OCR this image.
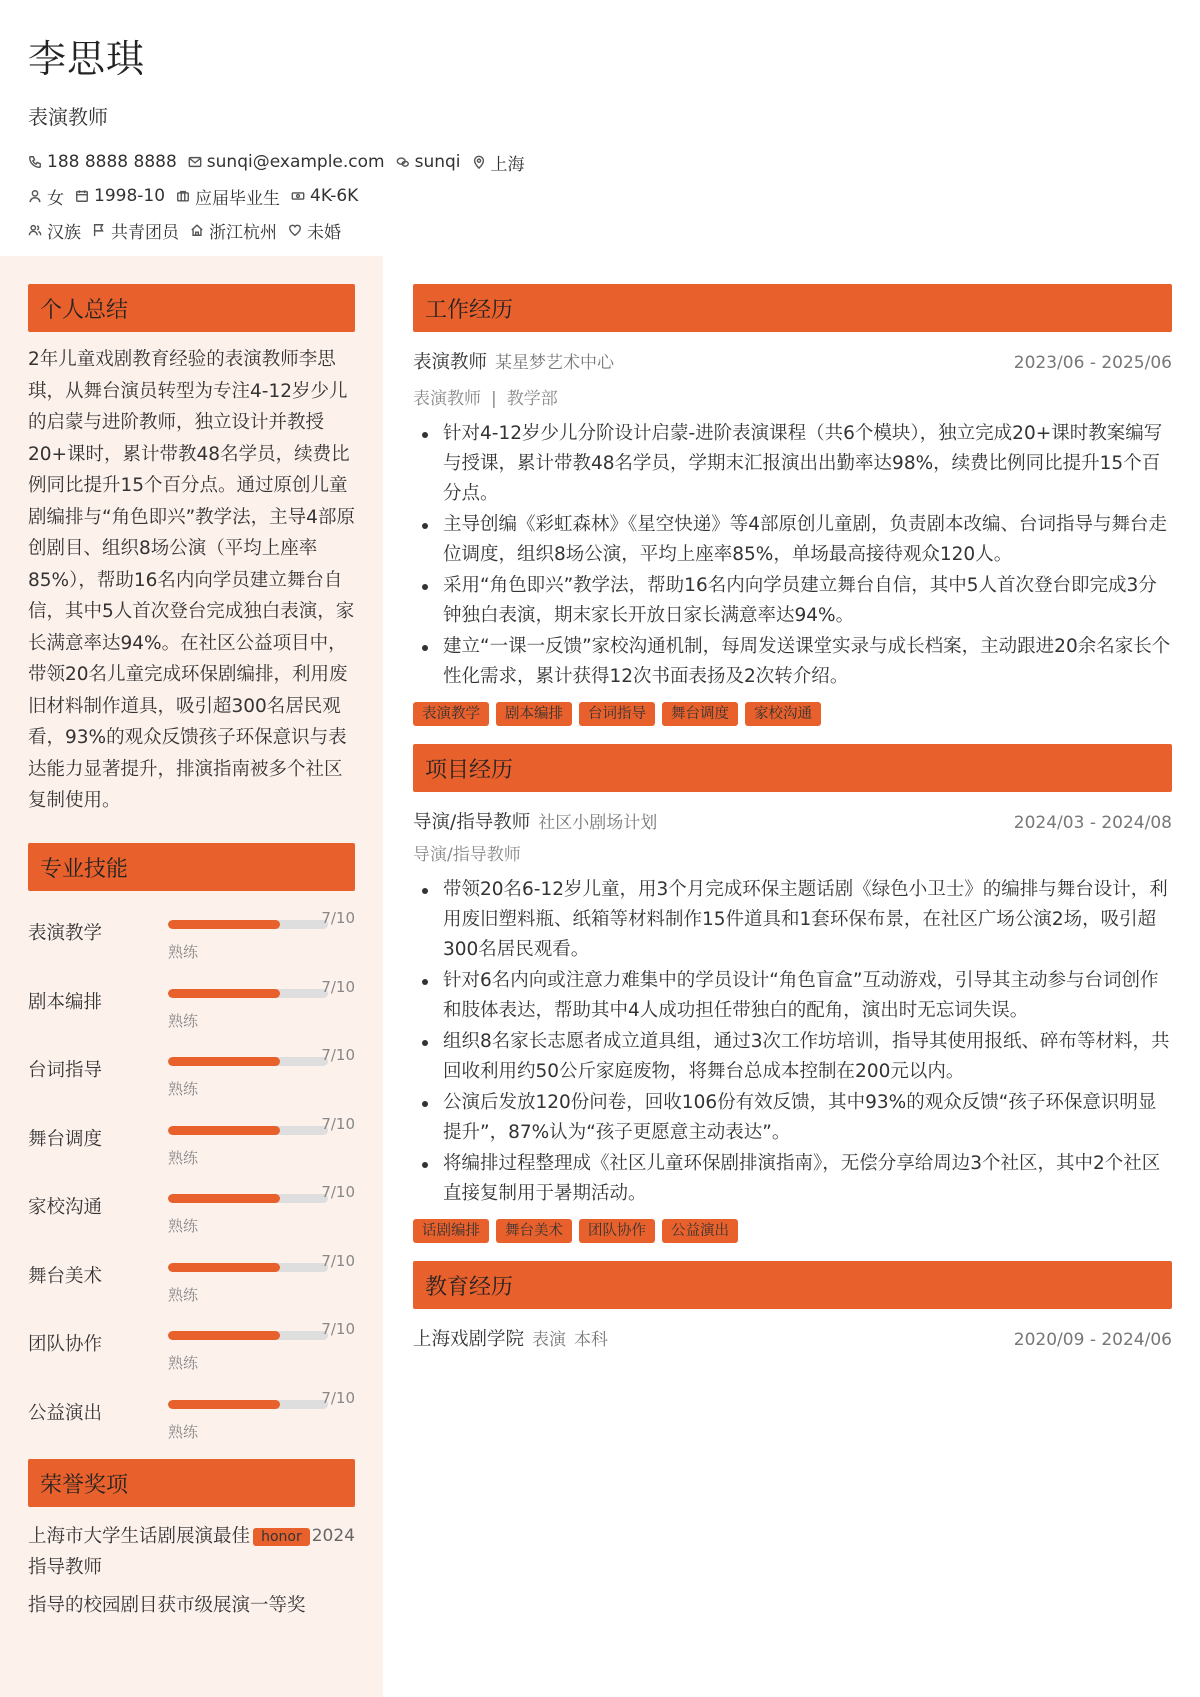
李思琪
表演教师
188 8888 8888 sunqi@example.com sunqi 上海
女 1998-10 应届毕业生 4K-6K
汉族 共青团员 浙江杭州 未婚
个人总结
2年儿童戏剧教育经验的表演教师李思琪，从舞台演员转型为专注4-12岁少儿的启蒙与进阶教师，独立设计并教授20+课时，累计带教48名学员，续费比例同比提升15个百分点。通过原创儿童剧编排与“角色即兴”教学法，主导4部原创剧目、组织8场公演（平均上座率85%），帮助16名内向学员建立舞台自信，其中5人首次登台完成独白表演，家长满意率达94%。在社区公益项目中，带领20名儿童完成环保剧编排，利用废旧材料制作道具，吸引超300名居民观看，93%的观众反馈孩子环保意识与表达能力显著提升，排演指南被多个社区复制使用。
专业技能
表演教学
7/10
熟练
剧本编排
7/10
熟练
台词指导
7/10
熟练
舞台调度
7/10
熟练
家校沟通
7/10
熟练
舞台美术
7/10
熟练
团队协作
7/10
熟练
公益演出
7/10
熟练
荣誉奖项
上海市大学生话剧展演最佳指导教师
honor 2024
指导的校园剧目获市级展演一等奖
工作经历
表演教师 某星梦艺术中心	2023/06 - 2025/06
表演教师 | 教学部
针对4-12岁少儿分阶设计启蒙-进阶表演课程（共6个模块），独立完成20+课时教案编写与授课，累计带教48名学员，学期末汇报演出出勤率达98%，续费比例同比提升15个百分点。
主导创编《彩虹森林》《星空快递》等4部原创儿童剧，负责剧本改编、台词指导与舞台走位调度，组织8场公演，平均上座率85%，单场最高接待观众120人。
采用“角色即兴”教学法，帮助16名内向学员建立舞台自信，其中5人首次登台即完成3分钟独白表演，期末家长开放日家长满意率达94%。
建立“一课一反馈”家校沟通机制，每周发送课堂实录与成长档案，主动跟进20余名家长个性化需求，累计获得12次书面表扬及2次转介绍。
表演教学	剧本编排	台词指导	舞台调度	家校沟通
项目经历
导演/指导教师 社区小剧场计划	2024/03 - 2024/08
导演/指导教师
带领20名6-12岁儿童，用3个月完成环保主题话剧《绿色小卫士》的编排与舞台设计，利用废旧塑料瓶、纸箱等材料制作15件道具和1套环保布景，在社区广场公演2场，吸引超300名居民观看。
针对6名内向或注意力难集中的学员设计“角色盲盒”互动游戏，引导其主动参与台词创作和肢体表达，帮助其中4人成功担任带独白的配角，演出时无忘词失误。
组织8名家长志愿者成立道具组，通过3次工作坊培训，指导其使用报纸、碎布等材料，共回收利用约50公斤家庭废物，将舞台总成本控制在200元以内。
公演后发放120份问卷，回收106份有效反馈，其中93%的观众反馈“孩子环保意识明显提升”，87%认为“孩子更愿意主动表达”。
将编排过程整理成《社区儿童环保剧排演指南》，无偿分享给周边3个社区，其中2个社区直接复制用于暑期活动。
话剧编排	舞台美术	团队协作	公益演出
教育经历
上海戏剧学院 表演 本科	2020/09 - 2024/06
